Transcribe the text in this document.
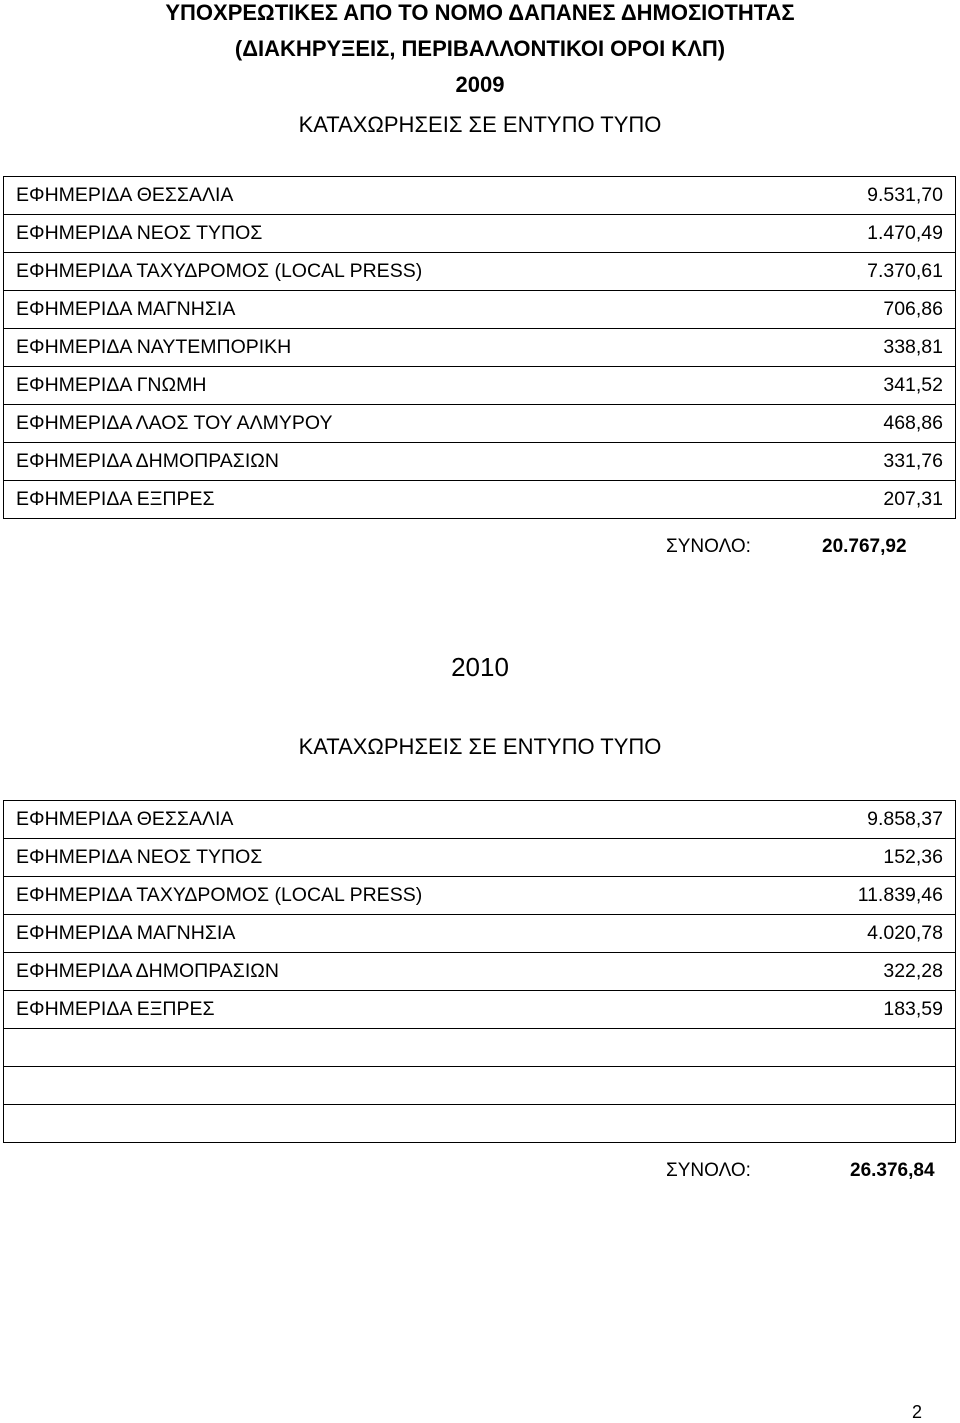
ΥΠΟΧΡΕΩΤΙΚΕΣ ΑΠΟ ΤΟ ΝΟΜΟ ΔΑΠΑΝΕΣ ΔΗΜΟΣΙΟΤΗΤΑΣ
(ΔΙΑΚΗΡΥΞΕΙΣ, ΠΕΡΙΒΑΛΛΟΝΤΙΚΟΙ ΟΡΟΙ ΚΛΠ)
2009
ΚΑΤΑΧΩΡΗΣΕΙΣ ΣΕ ΕΝΤΥΠΟ ΤΥΠΟ
ΕΦΗΜΕΡΙΔΑ ΘΕΣΣΑΛΙΑ	9.531,70
ΕΦΗΜΕΡΙΔΑ ΝΕΟΣ ΤΥΠΟΣ	1.470,49
ΕΦΗΜΕΡΙΔΑ ΤΑΧΥΔΡΟΜΟΣ (LOCAL PRESS)	7.370,61
ΕΦΗΜΕΡΙΔΑ ΜΑΓΝΗΣΙΑ	706,86
ΕΦΗΜΕΡΙΔΑ ΝΑΥΤΕΜΠΟΡΙΚΗ	338,81
ΕΦΗΜΕΡΙΔΑ ΓΝΩΜΗ	341,52
ΕΦΗΜΕΡΙΔΑ ΛΑΟΣ ΤΟΥ ΑΛΜΥΡΟΥ	468,86
ΕΦΗΜΕΡΙΔΑ ΔΗΜΟΠΡΑΣΙΩΝ	331,76
ΕΦΗΜΕΡΙΔΑ ΕΞΠΡΕΣ	207,31
ΣΥΝΟΛΟ:	20.767,92
2010
ΚΑΤΑΧΩΡΗΣΕΙΣ ΣΕ ΕΝΤΥΠΟ ΤΥΠΟ
ΕΦΗΜΕΡΙΔΑ ΘΕΣΣΑΛΙΑ	9.858,37
ΕΦΗΜΕΡΙΔΑ ΝΕΟΣ ΤΥΠΟΣ	152,36
ΕΦΗΜΕΡΙΔΑ ΤΑΧΥΔΡΟΜΟΣ (LOCAL PRESS)	11.839,46
ΕΦΗΜΕΡΙΔΑ ΜΑΓΝΗΣΙΑ	4.020,78
ΕΦΗΜΕΡΙΔΑ ΔΗΜΟΠΡΑΣΙΩΝ	322,28
ΕΦΗΜΕΡΙΔΑ ΕΞΠΡΕΣ	183,59

ΣΥΝΟΛΟ:	26.376,84
2
